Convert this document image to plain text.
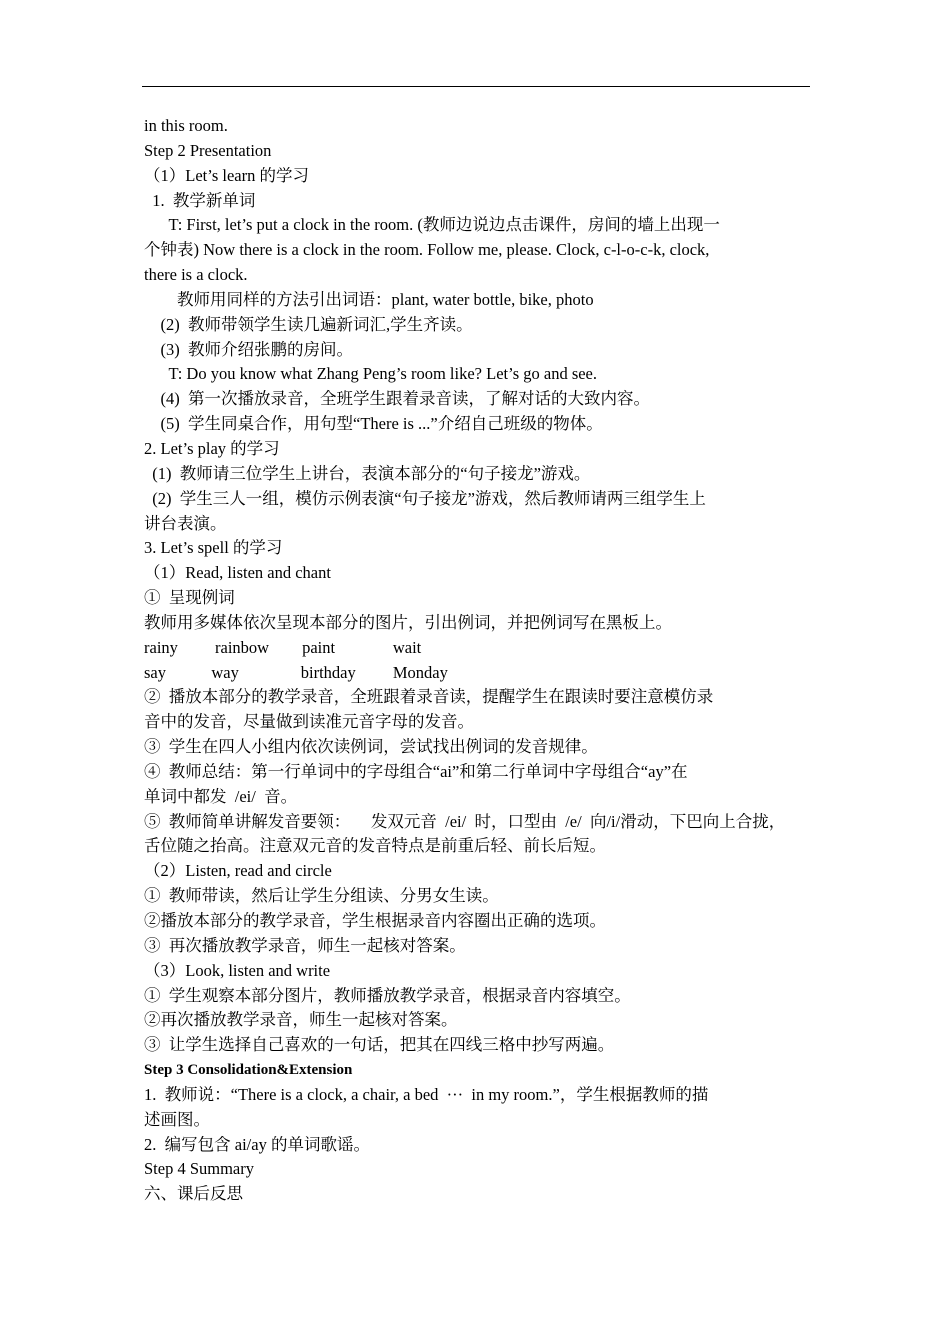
in this room.
Step 2 Presentation
（1）Let’s learn 的学习
1.  教学新单词
T: First, let’s put a clock in the room. (教师边说边点击课件，房间的墙上出现一
个钟表) Now there is a clock in the room. Follow me, please. Clock, c-l-o-c-k, clock,
there is a clock.
教师用同样的方法引出词语：plant, water bottle, bike, photo
(2)  教师带领学生读几遍新词汇,学生齐读。
(3)  教师介绍张鹏的房间。
T: Do you know what Zhang Peng’s room like? Let’s go and see.
(4)  第一次播放录音，全班学生跟着录音读，了解对话的大致内容。
(5)  学生同桌合作，用句型“There is ...”介绍自己班级的物体。
2. Let’s play 的学习
(1)  教师请三位学生上讲台，表演本部分的“句子接龙”游戏。
(2)  学生三人一组，模仿示例表演“句子接龙”游戏，然后教师请两三组学生上
讲台表演。
3. Let’s spell 的学习
（1）Read, listen and chant
①  呈现例词
教师用多媒体依次呈现本部分的图片，引出例词，并把例词写在黑板上。
rainy         rainbow        paint              wait
say           way               birthday         Monday
②  播放本部分的教学录音，全班跟着录音读，提醒学生在跟读时要注意模仿录
音中的发音，尽量做到读准元音字母的发音。
③  学生在四人小组内依次读例词，尝试找出例词的发音规律。
④  教师总结：第一行单词中的字母组合“ai”和第二行单词中字母组合“ay”在
单词中都发  /ei/  音。
⑤  教师简单讲解发音要领：     发双元音  /ei/  时，口型由  /e/  向/i/滑动，下巴向上合拢，
舌位随之抬高。注意双元音的发音特点是前重后轻、前长后短。
（2）Listen, read and circle
①  教师带读，然后让学生分组读、分男女生读。
②播放本部分的教学录音，学生根据录音内容圈出正确的选项。
③  再次播放教学录音，师生一起核对答案。
（3）Look, listen and write
①  学生观察本部分图片，教师播放教学录音，根据录音内容填空。
②再次播放教学录音，师生一起核对答案。
③  让学生选择自己喜欢的一句话，把其在四线三格中抄写两遍。
Step 3 Consolidation&Extension
1.  教师说：“There is a clock, a chair, a bed  ···  in my room.”，学生根据教师的描
述画图。
2.  编写包含 ai/ay 的单词歌谣。
Step 4 Summary
六、课后反思
